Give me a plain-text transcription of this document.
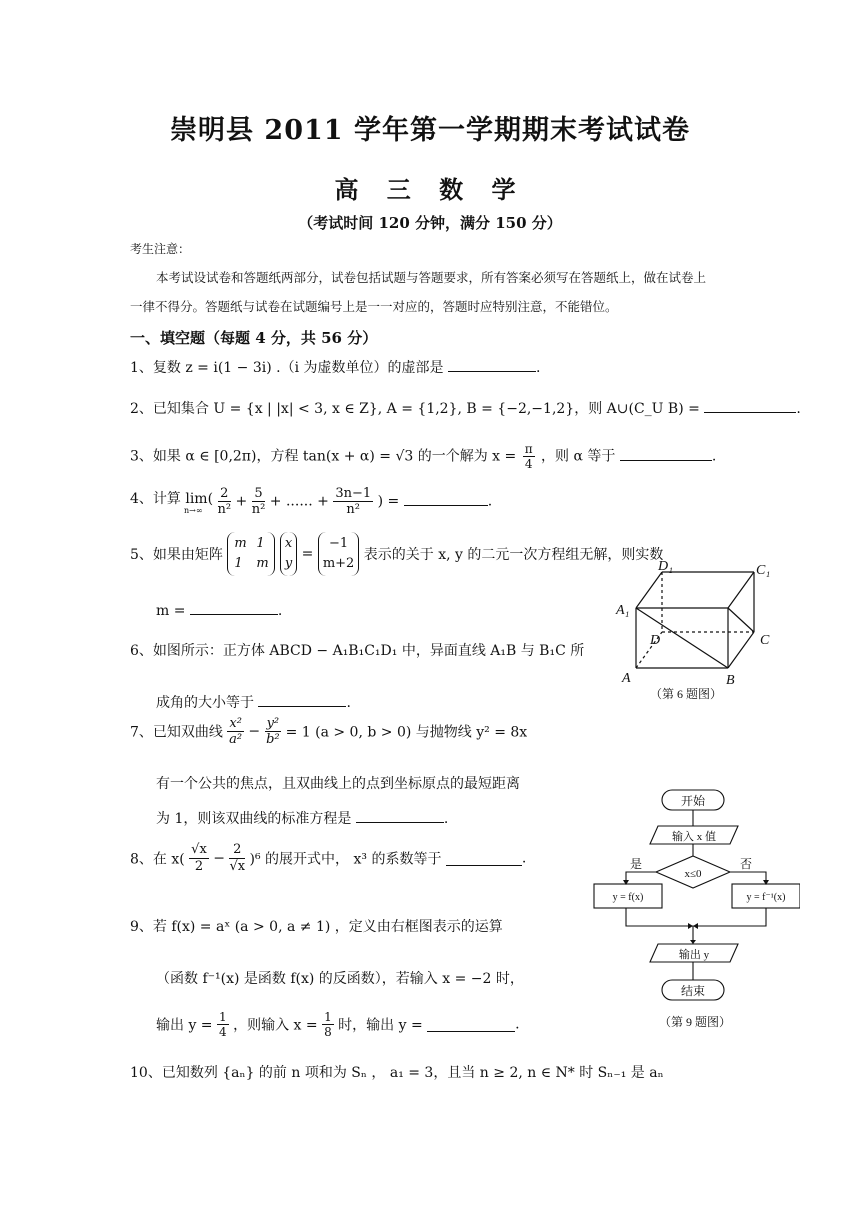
崇明县 2011 学年第一学期期末考试试卷
高 三 数 学
（考试时间 120 分钟，满分 150 分）
考生注意：
本考试设试卷和答题纸两部分，试卷包括试题与答题要求，所有答案必须写在答题纸上，做在试卷上
一律不得分。答题纸与试卷在试题编号上是一一对应的，答题时应特别注意，不能错位。
一、填空题（每题 4 分，共 56 分）
1、复数 z = i(1 − 3i) .（i 为虚数单位）的虚部是	.
2、已知集合 U = {x | |x| < 3, x ∈ Z}, A = {1,2}, B = {−2,−1,2}，则 A∪(C_U B) =	.
3、如果 α ∈ [0,2π)，方程 tan(x + α) = √3 的一个解为 $x = \frac{\pi}{4}$ ，则 α 等于	.
4、计算 lim(
n→∞
	$\frac{2}{\text{n²}} + \frac{5}{\text{n²}}$ + ...... + $\frac{3n-1}{\text{n²}}$ ) =	.
5、如果由矩阵 m 1
1 m x
y = −1
m+2 表示的关于 x, y 的二元一次方程组无解，则实数
m =	.
6、如图所示：正方体 ABCD − A₁B₁C₁D₁ 中，异面直线 A₁B 与 B₁C 所
成角的大小等于	.
D₁	C₁
A₁
D	C
A	B
（第 6 题图）
7、已知双曲线 $\frac{\text{x²}}{\text{a²}} - \frac{\text{y²}}{\text{b²}} = 1$ (a > 0, b > 0) 与抛物线 y² = 8x
有一个公共的焦点，且双曲线上的点到坐标原点的最短距离
为 1，则该双曲线的标准方程是	.
8、在 $x( \frac{√x}{2} - \frac{2}{√x} )^6$ 的展开式中， x³ 的系数等于	.
9、若 f(x) = aˣ (a > 0, a ≠ 1) ，定义由右框图表示的运算
（函数 f⁻¹(x) 是函数 f(x) 的反函数），若输入 x = −2 时，
输出 $y = \frac{1}{4}$ ，则输入 $x = \frac{1}{8}$ 时，输出 y =	.
10、已知数列 {aₙ} 的前 n 项和为 Sₙ ， a₁ = 3，且当 n ≥ 2, n ∈ N* 时 Sₙ₋₁ 是 aₙ
开始
输入 x 值
x≤0
是	否
y = f(x)	y = f⁻¹(x)
输出 y
结束
（第 9 题图）
